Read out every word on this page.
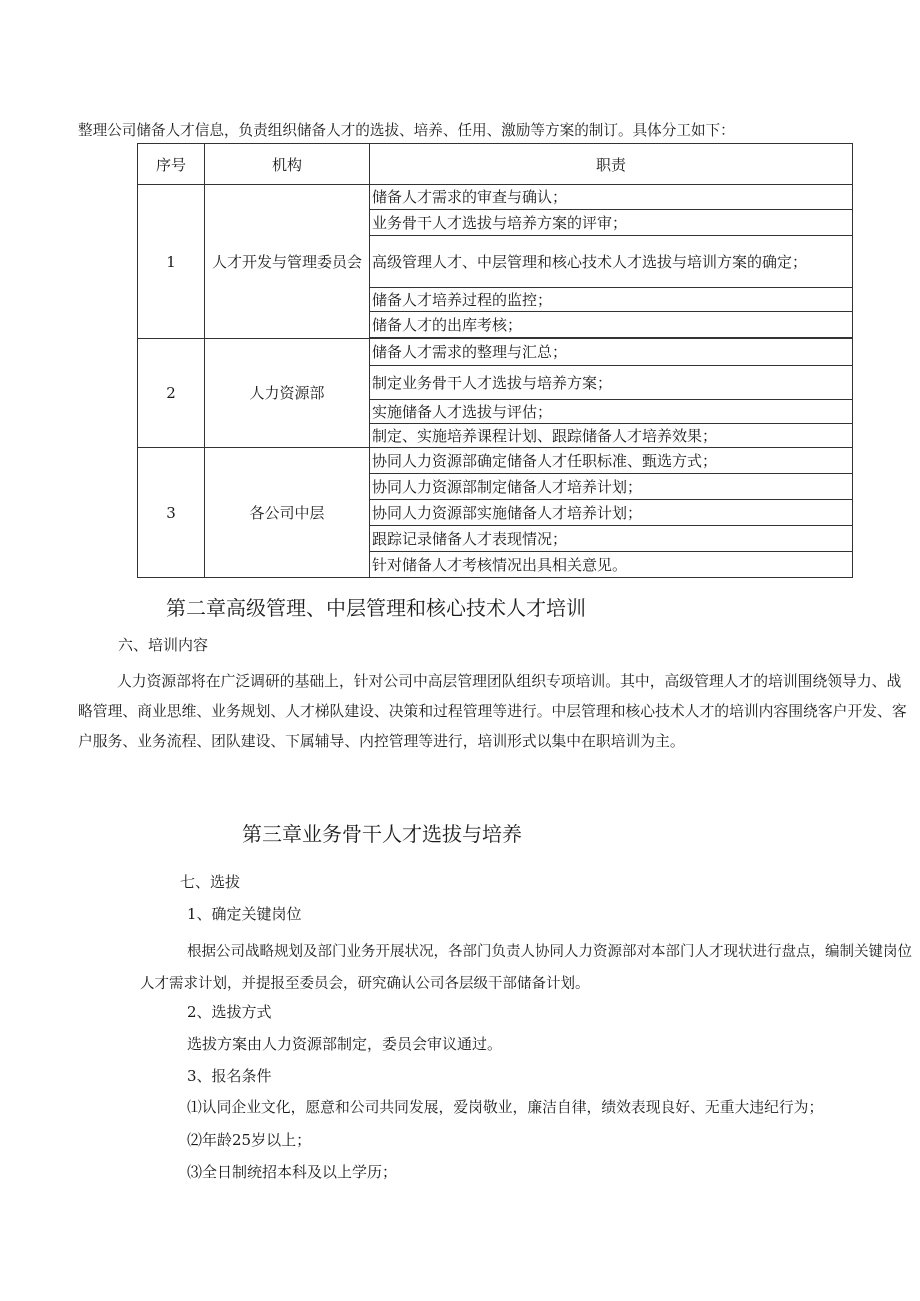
整理公司储备人才信息，负责组织储备人才的选拔、培养、任用、激励等方案的制订。具体分工如下：
序号	机构	职责
1	人才开发与管理委员会	储备人才需求的审查与确认；
		业务骨干人才选拔与培养方案的评审；
		高级管理人才、中层管理和核心技术人才选拔与培训方案的确定；
		储备人才培养过程的监控；
		储备人才的出库考核；

2	人力资源部	储备人才需求的整理与汇总；
		制定业务骨干人才选拔与培养方案；
		实施储备人才选拔与评估；
		制定、实施培养课程计划、跟踪储备人才培养效果；
3	各公司中层	协同人力资源部确定储备人才任职标准、甄选方式；
		协同人力资源部制定储备人才培养计划；
		协同人力资源部实施储备人才培养计划；
		跟踪记录储备人才表现情况；
		针对储备人才考核情况出具相关意见。
第二章高级管理、中层管理和核心技术人才培训
六、培训内容
人力资源部将在广泛调研的基础上，针对公司中高层管理团队组织专项培训。其中，高级管理人才的培训围绕领导力、战略管理、商业思维、业务规划、人才梯队建设、决策和过程管理等进行。中层管理和核心技术人才的培训内容围绕客户开发、客户服务、业务流程、团队建设、下属辅导、内控管理等进行，培训形式以集中在职培训为主。
第三章业务骨干人才选拔与培养
七、选拔
1、确定关键岗位
根据公司战略规划及部门业务开展状况，各部门负责人协同人力资源部对本部门人才现状进行盘点，编制关键岗位人才需求计划，并提报至委员会，研究确认公司各层级干部储备计划。
2、选拔方式
选拔方案由人力资源部制定，委员会审议通过。
3、报名条件
⑴认同企业文化，愿意和公司共同发展，爱岗敬业，廉洁自律，绩效表现良好、无重大违纪行为；
⑵年龄25岁以上；
⑶全日制统招本科及以上学历；
